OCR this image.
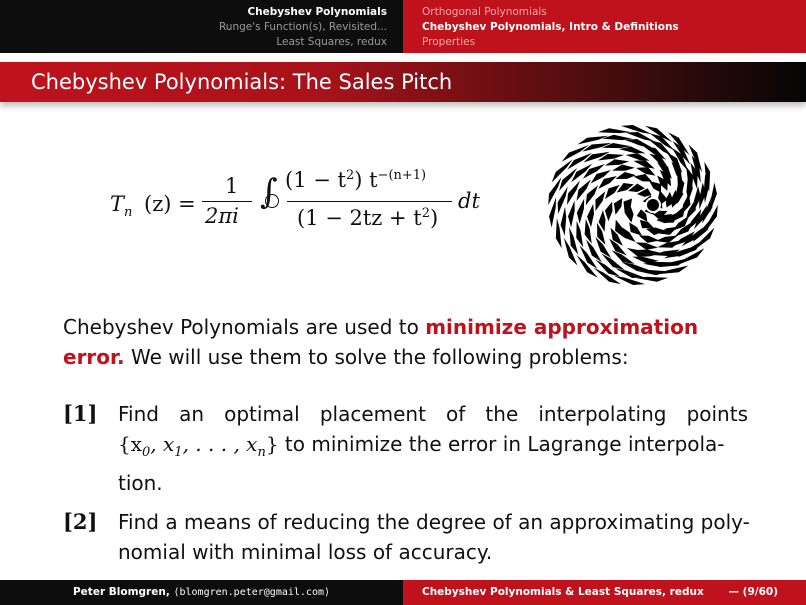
Chebyshev Polynomials
Runge's Function(s), Revisited...
Least Squares, redux
Orthogonal Polynomials
Chebyshev Polynomials, Intro & Definitions
Properties
Chebyshev Polynomials: The Sales Pitch
$T_n$ (z) =
1
2πi
∫ $(1 - t^2)$ $t^{-(n+1)}$
$(1 - 2tz + t^2)$
dt
Chebyshev Polynomials are used to minimize approximation error. We will use them to solve the following problems:
[1] Find an optimal placement of the interpolating points
{$x_0$, $x_1$, . . . , $x_n$} to minimize the error in Lagrange interpola-
tion.
[2] Find a means of reducing the degree of an approximating poly-
nomial with minimal loss of accuracy.
Peter Blomgren, ⟨blomgren.peter@gmail.com⟩	Chebyshev Polynomials & Least Squares, redux — (9/60)
